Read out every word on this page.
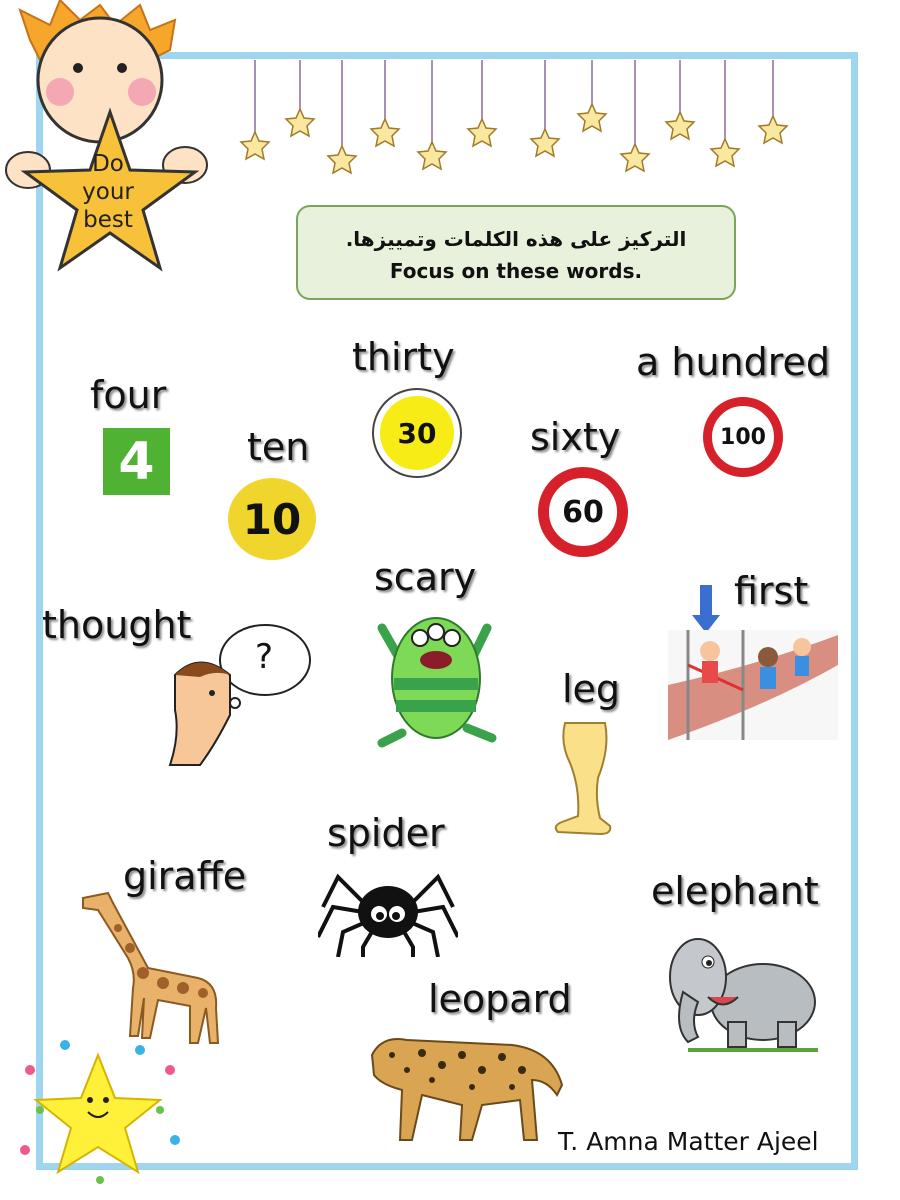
Do
your
best
التركيز على هذه الكلمات وتمييزها.
Focus on these words.
four
4	ten
10
thirty
30	sixty
60
a hundred
100
thought
?
scary
leg
first
spider
giraffe	elephant
leopard
T. Amna Matter Ajeel
